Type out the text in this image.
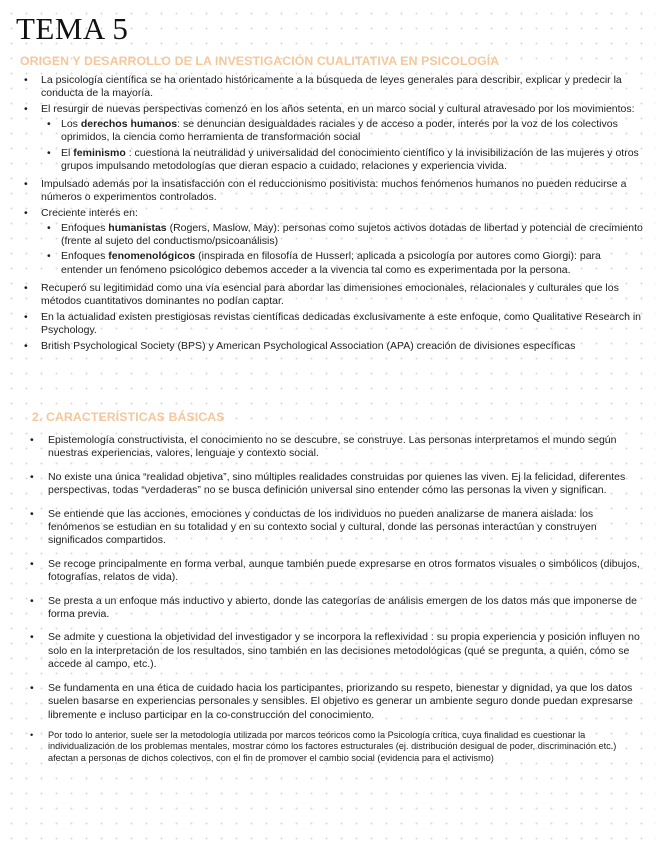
TEMA 5
ORIGEN Y DESARROLLO DE LA INVESTIGACIÓN CUALITATIVA EN PSICOLOGÍA
• La psicología científica se ha orientado históricamente a la búsqueda de leyes generales para describir, explicar y predecir la conducta de la mayoría.
• El resurgir de nuevas perspectivas comenzó en los años setenta, en un marco social y cultural atravesado por los movimientos:
• Los derechos humanos: se denuncian desigualdades raciales y de acceso a poder, interés por la voz de los colectivos oprimidos, la ciencia como herramienta de transformación social
• El feminismo : cuestiona la neutralidad y universalidad del conocimiento científico y la invisibilización de las mujeres y otros grupos impulsando metodologías que dieran espacio a cuidado, relaciones y experiencia vivida.
• Impulsado además por la insatisfacción con el reduccionismo positivista: muchos fenómenos humanos no pueden reducirse a números o experimentos controlados.
• Creciente interés en:
• Enfoques humanistas (Rogers, Maslow, May): personas como sujetos activos dotadas de libertad y potencial de crecimiento (frente al sujeto del conductismo/psicoanálisis)
• Enfoques fenomenológicos (inspirada en filosofía de Husserl; aplicada a psicología por autores como Giorgi): para entender un fenómeno psicológico debemos acceder a la vivencia tal como es experimentada por la persona.
• Recuperó su legitimidad como una vía esencial para abordar las dimensiones emocionales, relacionales y culturales que los métodos cuantitativos dominantes no podían captar.
• En la actualidad existen prestigiosas revistas científicas dedicadas exclusivamente a este enfoque, como Qualitative Research in Psychology.
• British Psychological Society (BPS) y American Psychological Association (APA) creación de divisiones específicas
2. CARACTERÍSTICAS BÁSICAS
• Epistemología constructivista, el conocimiento no se descubre, se construye. Las personas interpretamos el mundo según nuestras experiencias, valores, lenguaje y contexto social.
• No existe una única “realidad objetiva”, sino múltiples realidades construidas por quienes las viven. Ej la felicidad, diferentes perspectivas, todas “verdaderas” no se busca definición universal sino entender cómo las personas la viven y significan.
• Se entiende que las acciones, emociones y conductas de los individuos no pueden analizarse de manera aislada: los fenómenos se estudian en su totalidad y en su contexto social y cultural, donde las personas interactúan y construyen significados compartidos.
• Se recoge principalmente en forma verbal, aunque también puede expresarse en otros formatos visuales o simbólicos (dibujos, fotografías, relatos de vida).
• Se presta a un enfoque más inductivo y abierto, donde las categorías de análisis emergen de los datos más que imponerse de forma previa.
• Se admite y cuestiona la objetividad del investigador y se incorpora la reflexividad : su propia experiencia y posición influyen no solo en la interpretación de los resultados, sino también en las decisiones metodológicas (qué se pregunta, a quién, cómo se accede al campo, etc.).
• Se fundamenta en una ética de cuidado hacia los participantes, priorizando su respeto, bienestar y dignidad, ya que los datos suelen basarse en experiencias personales y sensibles. El objetivo es generar un ambiente seguro donde puedan expresarse libremente e incluso participar en la co-construcción del conocimiento.
• Por todo lo anterior, suele ser la metodología utilizada por marcos teóricos como la Psicología crítica, cuya finalidad es cuestionar la individualización de los problemas mentales, mostrar cómo los factores estructurales (ej. distribución desigual de poder, discriminación etc.) afectan a personas de dichos colectivos, con el fin de promover el cambio social (evidencia para el activismo)
